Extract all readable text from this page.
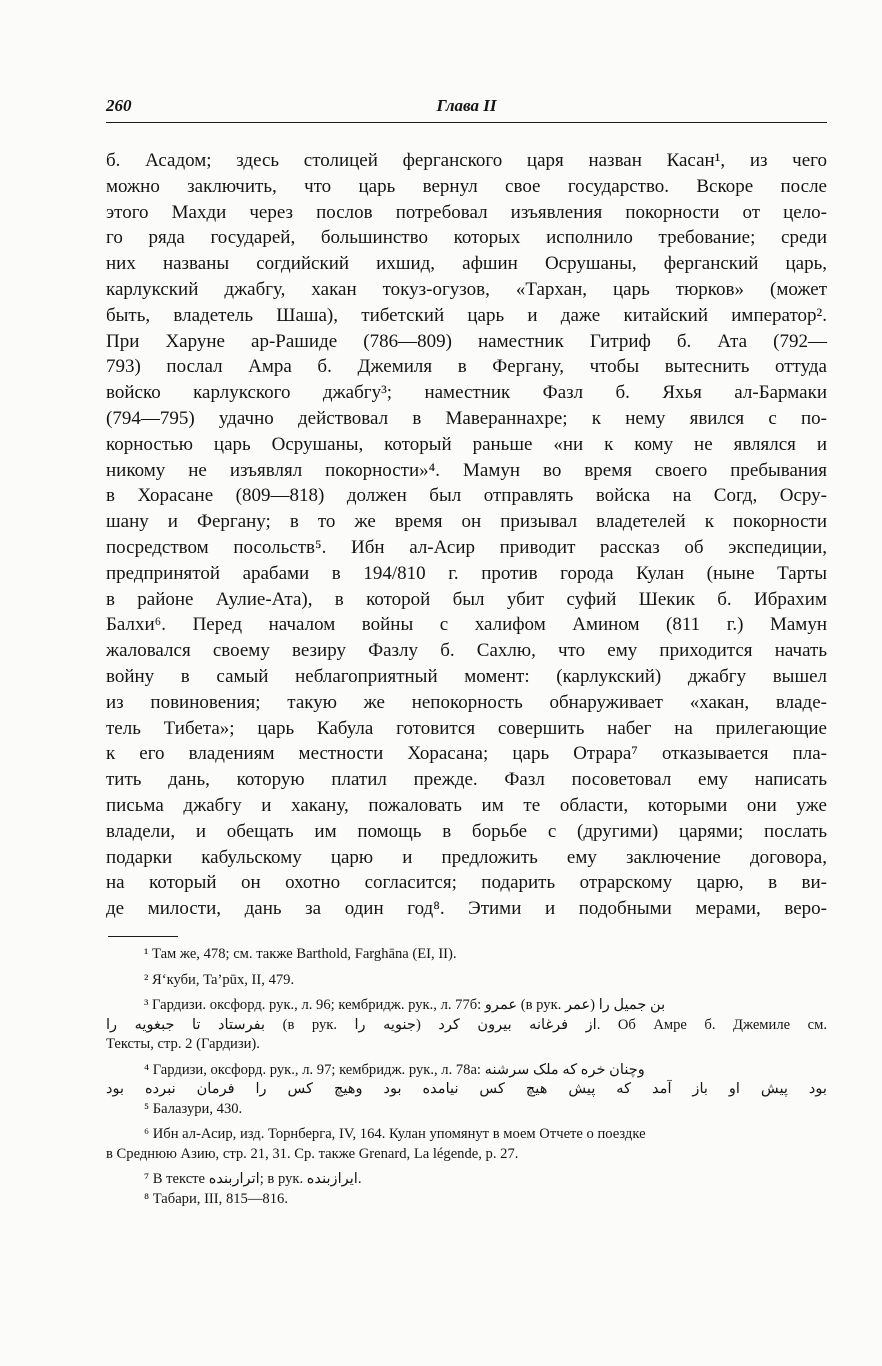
260	Глава II
б. Асадом; здесь столицей ферганского царя назван Касан¹, из чего
можно заключить, что царь вернул свое государство. Вскоре после
этого Махди через послов потребовал изъявления покорности от цело-
го ряда государей, большинство которых исполнило требование; среди
них названы согдийский ихшид, афшин Осрушаны, ферганский царь,
карлукский джабгу, хакан токуз-огузов, «Тархан, царь тюрков» (может
быть, владетель Шаша), тибетский царь и даже китайский император².
При Харуне ар-Рашиде (786—809) наместник Гитриф б. Ата (792—
793) послал Амра б. Джемиля в Фергану, чтобы вытеснить оттуда
войско карлукского джабгу³; наместник Фазл б. Яхья ал-Бармаки
(794—795) удачно действовал в Мавераннахре; к нему явился с по-
корностью царь Осрушаны, который раньше «ни к кому не являлся и
никому не изъявлял покорности»⁴. Мамун во время своего пребывания
в Хорасане (809—818) должен был отправлять войска на Согд, Осру-
шану и Фергану; в то же время он призывал владетелей к покорности
посредством посольств⁵. Ибн ал-Асир приводит рассказ об экспедиции,
предпринятой арабами в 194/810 г. против города Кулан (ныне Тарты
в районе Аулие-Ата), в которой был убит суфий Шекик б. Ибрахим
Балхи⁶. Перед началом войны с халифом Амином (811 г.) Мамун
жаловался своему везиру Фазлу б. Сахлю, что ему приходится начать
войну в самый неблагоприятный момент: (карлукский) джабгу вышел
из повиновения; такую же непокорность обнаруживает «хакан, владе-
тель Тибета»; царь Кабула готовится совершить набег на прилегающие
к его владениям местности Хорасана; царь Отрара⁷ отказывается пла-
тить дань, которую платил прежде. Фазл посоветовал ему написать
письма джабгу и хакану, пожаловать им те области, которыми они уже
владели, и обещать им помощь в борьбе с (другими) царями; послать
подарки кабульскому царю и предложить ему заключение договора,
на который он охотно согласится; подарить отрарскому царю, в ви-
де милости, дань за один год⁸. Этими и подобными мерами, веро-
¹ Там же, 478; см. также Barthold, Farghāna (EI, II).
² Я‘куби, Ta’рūх, II, 479.
³ Гардизи. оксфорд. рук., л. 96; кембридж. рук., л. 77б: عمرو (в рук. عمر) بن جمیل را
بفرستاد تا جبغویه را (в рук. جنویه را) از فرغانه بیرون کرد. Об Амре б. Джемиле см.
Тексты, стр. 2 (Гардизи).
⁴ Гардизи, оксфорд. рук., л. 97; кембридж. рук., л. 78а: وچنان خره که ملک سرشنه
بود پیش او باز آمد که پیش هیچ کس نیامده بود وهیچ کس را فرمان نبرده بود
⁵ Балазури, 430.
⁶ Ибн ал-Асир, изд. Торнберга, IV, 164. Кулан упомянут в моем Отчете о поездке
в Среднюю Азию, стр. 21, 31. Ср. также Grenard, La légende, p. 27.
⁷ В тексте اتراربنده; в рук. ایرازبنده.
⁸ Табари, III, 815—816.
